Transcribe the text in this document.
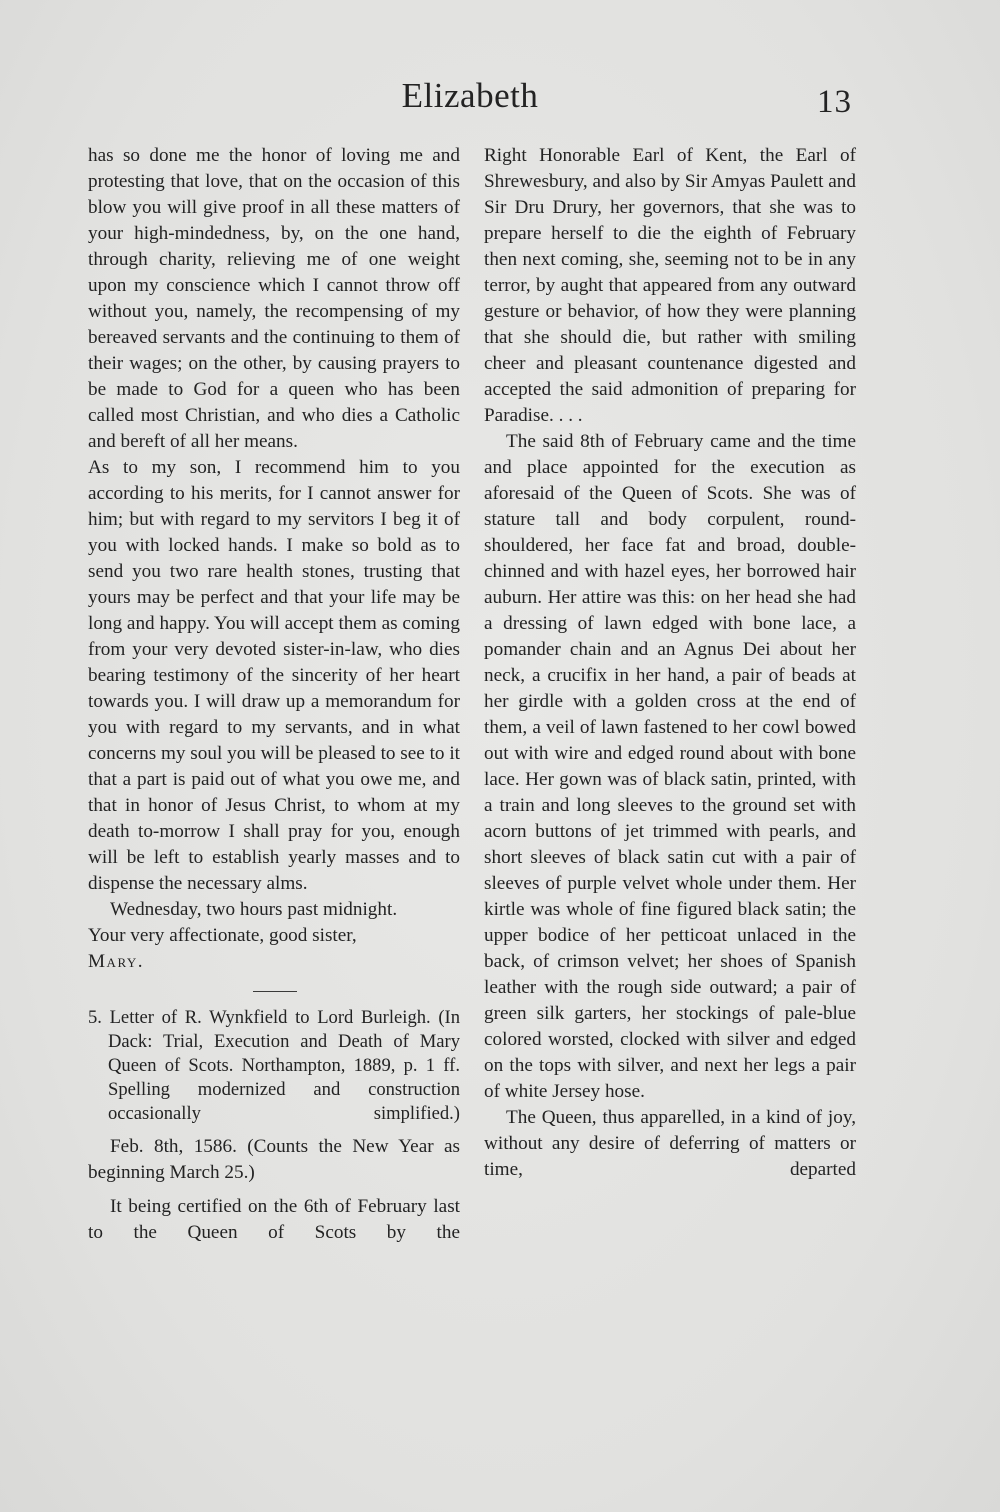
Elizabeth	13

has so done me the honor of loving me and protesting that love, that on the occasion of this blow you will give proof in all these matters of your high-mindedness, by, on the one hand, through charity, relieving me of one weight upon my conscience which I cannot throw off without you, namely, the recompensing of my bereaved servants and the continuing to them of their wages; on the other, by causing prayers to be made to God for a queen who has been called most Christian, and who dies a Catholic and bereft of all her means.

As to my son, I recommend him to you according to his merits, for I cannot answer for him; but with regard to my servitors I beg it of you with locked hands. I make so bold as to send you two rare health stones, trusting that yours may be perfect and that your life may be long and happy. You will accept them as coming from your very devoted sister-in-law, who dies bearing testimony of the sincerity of her heart towards you. I will draw up a memorandum for you with regard to my servants, and in what concerns my soul you will be pleased to see to it that a part is paid out of what you owe me, and that in honor of Jesus Christ, to whom at my death to-morrow I shall pray for you, enough will be left to establish yearly masses and to dispense the necessary alms.

Wednesday, two hours past midnight.

Your very affectionate, good sister,

Mary.

5. Letter of R. Wynkfield to Lord Burleigh. (In Dack: Trial, Execution and Death of Mary Queen of Scots. Northampton, 1889, p. 1 ff. Spelling modernized and construction occasionally simplified.)

Feb. 8th, 1586. (Counts the New Year as beginning March 25.)

It being certified on the 6th of February last to the Queen of Scots by the

Right Honorable Earl of Kent, the Earl of Shrewesbury, and also by Sir Amyas Paulett and Sir Dru Drury, her governors, that she was to prepare herself to die the eighth of February then next coming, she, seeming not to be in any terror, by aught that appeared from any outward gesture or behavior, of how they were planning that she should die, but rather with smiling cheer and pleasant countenance digested and accepted the said admonition of preparing for Paradise. . . .

The said 8th of February came and the time and place appointed for the execution as aforesaid of the Queen of Scots. She was of stature tall and body corpulent, round-shouldered, her face fat and broad, double-chinned and with hazel eyes, her borrowed hair auburn. Her attire was this: on her head she had a dressing of lawn edged with bone lace, a pomander chain and an Agnus Dei about her neck, a crucifix in her hand, a pair of beads at her girdle with a golden cross at the end of them, a veil of lawn fastened to her cowl bowed out with wire and edged round about with bone lace. Her gown was of black satin, printed, with a train and long sleeves to the ground set with acorn buttons of jet trimmed with pearls, and short sleeves of black satin cut with a pair of sleeves of purple velvet whole under them. Her kirtle was whole of fine figured black satin; the upper bodice of her petticoat unlaced in the back, of crimson velvet; her shoes of Spanish leather with the rough side outward; a pair of green silk garters, her stockings of pale-blue colored worsted, clocked with silver and edged on the tops with silver, and next her legs a pair of white Jersey hose.

The Queen, thus apparelled, in a kind of joy, without any desire of deferring of matters or time, departed
